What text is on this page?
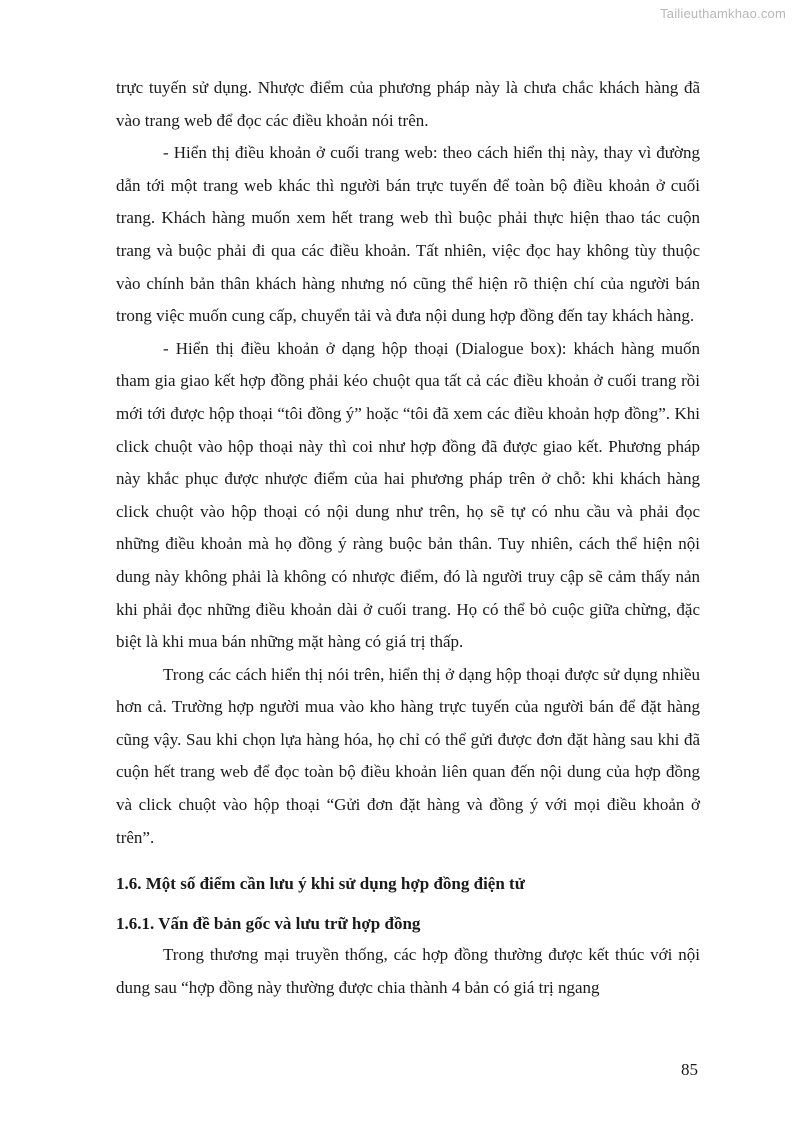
Tailieuthamkhao.com

trực tuyến sử dụng. Nhược điểm của phương pháp này là chưa chắc khách hàng đã vào trang web để đọc các điều khoản nói trên.

- Hiển thị điều khoản ở cuối trang web: theo cách hiển thị này, thay vì đường dẫn tới một trang web khác thì người bán trực tuyến để toàn bộ điều khoản ở cuối trang. Khách hàng muốn xem hết trang web thì buộc phải thực hiện thao tác cuộn trang và buộc phải đi qua các điều khoản. Tất nhiên, việc đọc hay không tùy thuộc vào chính bản thân khách hàng nhưng nó cũng thể hiện rõ thiện chí của người bán trong việc muốn cung cấp, chuyển tải và đưa nội dung hợp đồng đến tay khách hàng.

- Hiển thị điều khoản ở dạng hộp thoại (Dialogue box): khách hàng muốn tham gia giao kết hợp đồng phải kéo chuột qua tất cả các điều khoản ở cuối trang rồi mới tới được hộp thoại “tôi đồng ý” hoặc “tôi đã xem các điều khoản hợp đồng”. Khi click chuột vào hộp thoại này thì coi như hợp đồng đã được giao kết. Phương pháp này khắc phục được nhược điểm của hai phương pháp trên ở chỗ: khi khách hàng click chuột vào hộp thoại có nội dung như trên, họ sẽ tự có nhu cầu và phải đọc những điều khoản mà họ đồng ý ràng buộc bản thân. Tuy nhiên, cách thể hiện nội dung này không phải là không có nhược điểm, đó là người truy cập sẽ cảm thấy nản khi phải đọc những điều khoản dài ở cuối trang. Họ có thể bỏ cuộc giữa chừng, đặc biệt là khi mua bán những mặt hàng có giá trị thấp.

Trong các cách hiển thị nói trên, hiển thị ở dạng hộp thoại được sử dụng nhiều hơn cả. Trường hợp người mua vào kho hàng trực tuyến của người bán để đặt hàng cũng vậy. Sau khi chọn lựa hàng hóa, họ chỉ có thể gửi được đơn đặt hàng sau khi đã cuộn hết trang web để đọc toàn bộ điều khoản liên quan đến nội dung của hợp đồng và click chuột vào hộp thoại “Gửi đơn đặt hàng và đồng ý với mọi điều khoản ở trên”.

1.6. Một số điểm cần lưu ý khi sử dụng hợp đồng điện tử
1.6.1. Vấn đề bản gốc và lưu trữ hợp đồng

Trong thương mại truyền thống, các hợp đồng thường được kết thúc với nội dung sau “hợp đồng này thường được chia thành 4 bản có giá trị ngang

85
